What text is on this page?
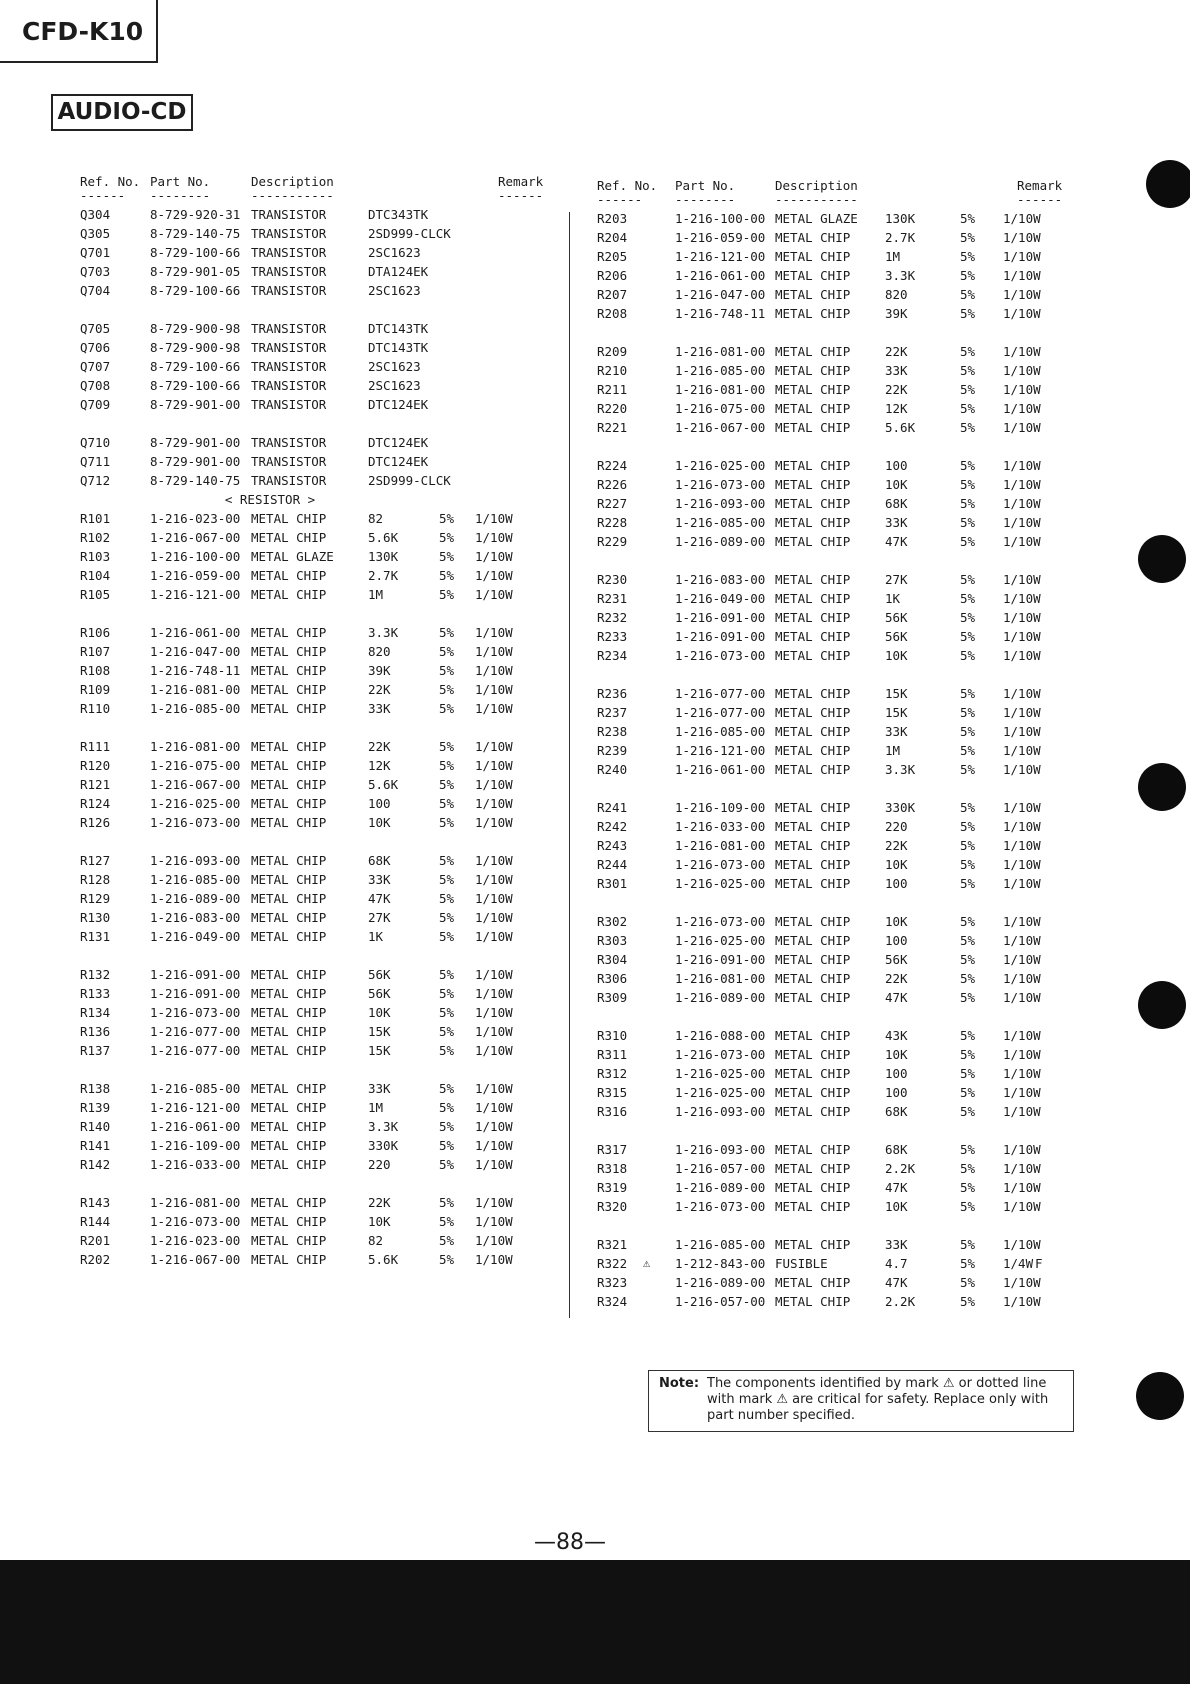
CFD-K10
AUDIO-CD
Ref. No. Part No.	Description	Remark
------ --------	-----------	------
Q304	8-729-920-31 TRANSISTOR	DTC343TK
Q305	8-729-140-75 TRANSISTOR	2SD999-CLCK
Q701	8-729-100-66 TRANSISTOR	2SC1623
Q703	8-729-901-05 TRANSISTOR	DTA124EK
Q704	8-729-100-66 TRANSISTOR	2SC1623
Q705	8-729-900-98 TRANSISTOR	DTC143TK
Q706	8-729-900-98 TRANSISTOR	DTC143TK
Q707	8-729-100-66 TRANSISTOR	2SC1623
Q708	8-729-100-66 TRANSISTOR	2SC1623
Q709	8-729-901-00 TRANSISTOR	DTC124EK
Q710	8-729-901-00 TRANSISTOR	DTC124EK
Q711	8-729-901-00 TRANSISTOR	DTC124EK
Q712	8-729-140-75 TRANSISTOR	2SD999-CLCK
< RESISTOR >
R101	1-216-023-00 METAL CHIP	82	5% 1/10W
R102	1-216-067-00 METAL CHIP	5.6K	5% 1/10W
R103	1-216-100-00 METAL GLAZE	130K	5% 1/10W
R104	1-216-059-00 METAL CHIP	2.7K	5% 1/10W
R105	1-216-121-00 METAL CHIP	1M	5% 1/10W
R106	1-216-061-00 METAL CHIP	3.3K	5% 1/10W
R107	1-216-047-00 METAL CHIP	820	5% 1/10W
R108	1-216-748-11 METAL CHIP	39K	5% 1/10W
R109	1-216-081-00 METAL CHIP	22K	5% 1/10W
R110	1-216-085-00 METAL CHIP	33K	5% 1/10W
R111	1-216-081-00 METAL CHIP	22K	5% 1/10W
R120	1-216-075-00 METAL CHIP	12K	5% 1/10W
R121	1-216-067-00 METAL CHIP	5.6K	5% 1/10W
R124	1-216-025-00 METAL CHIP	100	5% 1/10W
R126	1-216-073-00 METAL CHIP	10K	5% 1/10W
R127	1-216-093-00 METAL CHIP	68K	5% 1/10W
R128	1-216-085-00 METAL CHIP	33K	5% 1/10W
R129	1-216-089-00 METAL CHIP	47K	5% 1/10W
R130	1-216-083-00 METAL CHIP	27K	5% 1/10W
R131	1-216-049-00 METAL CHIP	1K	5% 1/10W
R132	1-216-091-00 METAL CHIP	56K	5% 1/10W
R133	1-216-091-00 METAL CHIP	56K	5% 1/10W
R134	1-216-073-00 METAL CHIP	10K	5% 1/10W
R136	1-216-077-00 METAL CHIP	15K	5% 1/10W
R137	1-216-077-00 METAL CHIP	15K	5% 1/10W
R138	1-216-085-00 METAL CHIP	33K	5% 1/10W
R139	1-216-121-00 METAL CHIP	1M	5% 1/10W
R140	1-216-061-00 METAL CHIP	3.3K	5% 1/10W
R141	1-216-109-00 METAL CHIP	330K	5% 1/10W
R142	1-216-033-00 METAL CHIP	220	5% 1/10W
R143	1-216-081-00 METAL CHIP	22K	5% 1/10W
R144	1-216-073-00 METAL CHIP	10K	5% 1/10W
R201	1-216-023-00 METAL CHIP	82	5% 1/10W
R202	1-216-067-00 METAL CHIP	5.6K	5% 1/10W
Ref. No. Part No.	Description	Remark
------	--------	-----------	------
R203	1-216-100-00 METAL GLAZE 130K	5% 1/10W
R204	1-216-059-00 METAL CHIP	2.7K	5% 1/10W
R205	1-216-121-00 METAL CHIP	1M	5% 1/10W
R206	1-216-061-00 METAL CHIP	3.3K	5% 1/10W
R207	1-216-047-00 METAL CHIP	820	5% 1/10W
R208	1-216-748-11 METAL CHIP	39K	5% 1/10W
R209	1-216-081-00 METAL CHIP	22K	5% 1/10W
R210	1-216-085-00 METAL CHIP	33K	5% 1/10W
R211	1-216-081-00 METAL CHIP	22K	5% 1/10W
R220	1-216-075-00 METAL CHIP	12K	5% 1/10W
R221	1-216-067-00 METAL CHIP	5.6K	5% 1/10W
R224	1-216-025-00 METAL CHIP	100	5% 1/10W
R226	1-216-073-00 METAL CHIP	10K	5% 1/10W
R227	1-216-093-00 METAL CHIP	68K	5% 1/10W
R228	1-216-085-00 METAL CHIP	33K	5% 1/10W
R229	1-216-089-00 METAL CHIP	47K	5% 1/10W
R230	1-216-083-00 METAL CHIP	27K	5% 1/10W
R231	1-216-049-00 METAL CHIP	1K	5% 1/10W
R232	1-216-091-00 METAL CHIP	56K	5% 1/10W
R233	1-216-091-00 METAL CHIP	56K	5% 1/10W
R234	1-216-073-00 METAL CHIP	10K	5% 1/10W
R236	1-216-077-00 METAL CHIP	15K	5% 1/10W
R237	1-216-077-00 METAL CHIP	15K	5% 1/10W
R238	1-216-085-00 METAL CHIP	33K	5% 1/10W
R239	1-216-121-00 METAL CHIP	1M	5% 1/10W
R240	1-216-061-00 METAL CHIP	3.3K	5% 1/10W
R241	1-216-109-00 METAL CHIP	330K	5% 1/10W
R242	1-216-033-00 METAL CHIP	220	5% 1/10W
R243	1-216-081-00 METAL CHIP	22K	5% 1/10W
R244	1-216-073-00 METAL CHIP	10K	5% 1/10W
R301	1-216-025-00 METAL CHIP	100	5% 1/10W
R302	1-216-073-00 METAL CHIP	10K	5% 1/10W
R303	1-216-025-00 METAL CHIP	100	5% 1/10W
R304	1-216-091-00 METAL CHIP	56K	5% 1/10W
R306	1-216-081-00 METAL CHIP	22K	5% 1/10W
R309	1-216-089-00 METAL CHIP	47K	5% 1/10W
R310	1-216-088-00 METAL CHIP	43K	5% 1/10W
R311	1-216-073-00 METAL CHIP	10K	5% 1/10W
R312	1-216-025-00 METAL CHIP	100	5% 1/10W
R315	1-216-025-00 METAL CHIP	100	5% 1/10W
R316	1-216-093-00 METAL CHIP	68K	5% 1/10W
R317	1-216-093-00 METAL CHIP	68K	5% 1/10W
R318	1-216-057-00 METAL CHIP	2.2K	5% 1/10W
R319	1-216-089-00 METAL CHIP	47K	5% 1/10W
R320	1-216-073-00 METAL CHIP	10K	5% 1/10W
R321	1-216-085-00 METAL CHIP	33K	5% 1/10W
R322	1-212-843-00 FUSIBLE	4.7	5% 1/4W F
⚠
R323	1-216-089-00 METAL CHIP	47K	5% 1/10W
R324	1-216-057-00 METAL CHIP	2.2K	5% 1/10W
Note: The components identified by mark ⚠ or dotted line with mark ⚠ are critical for safety. Replace only with part number specified.
—88—
